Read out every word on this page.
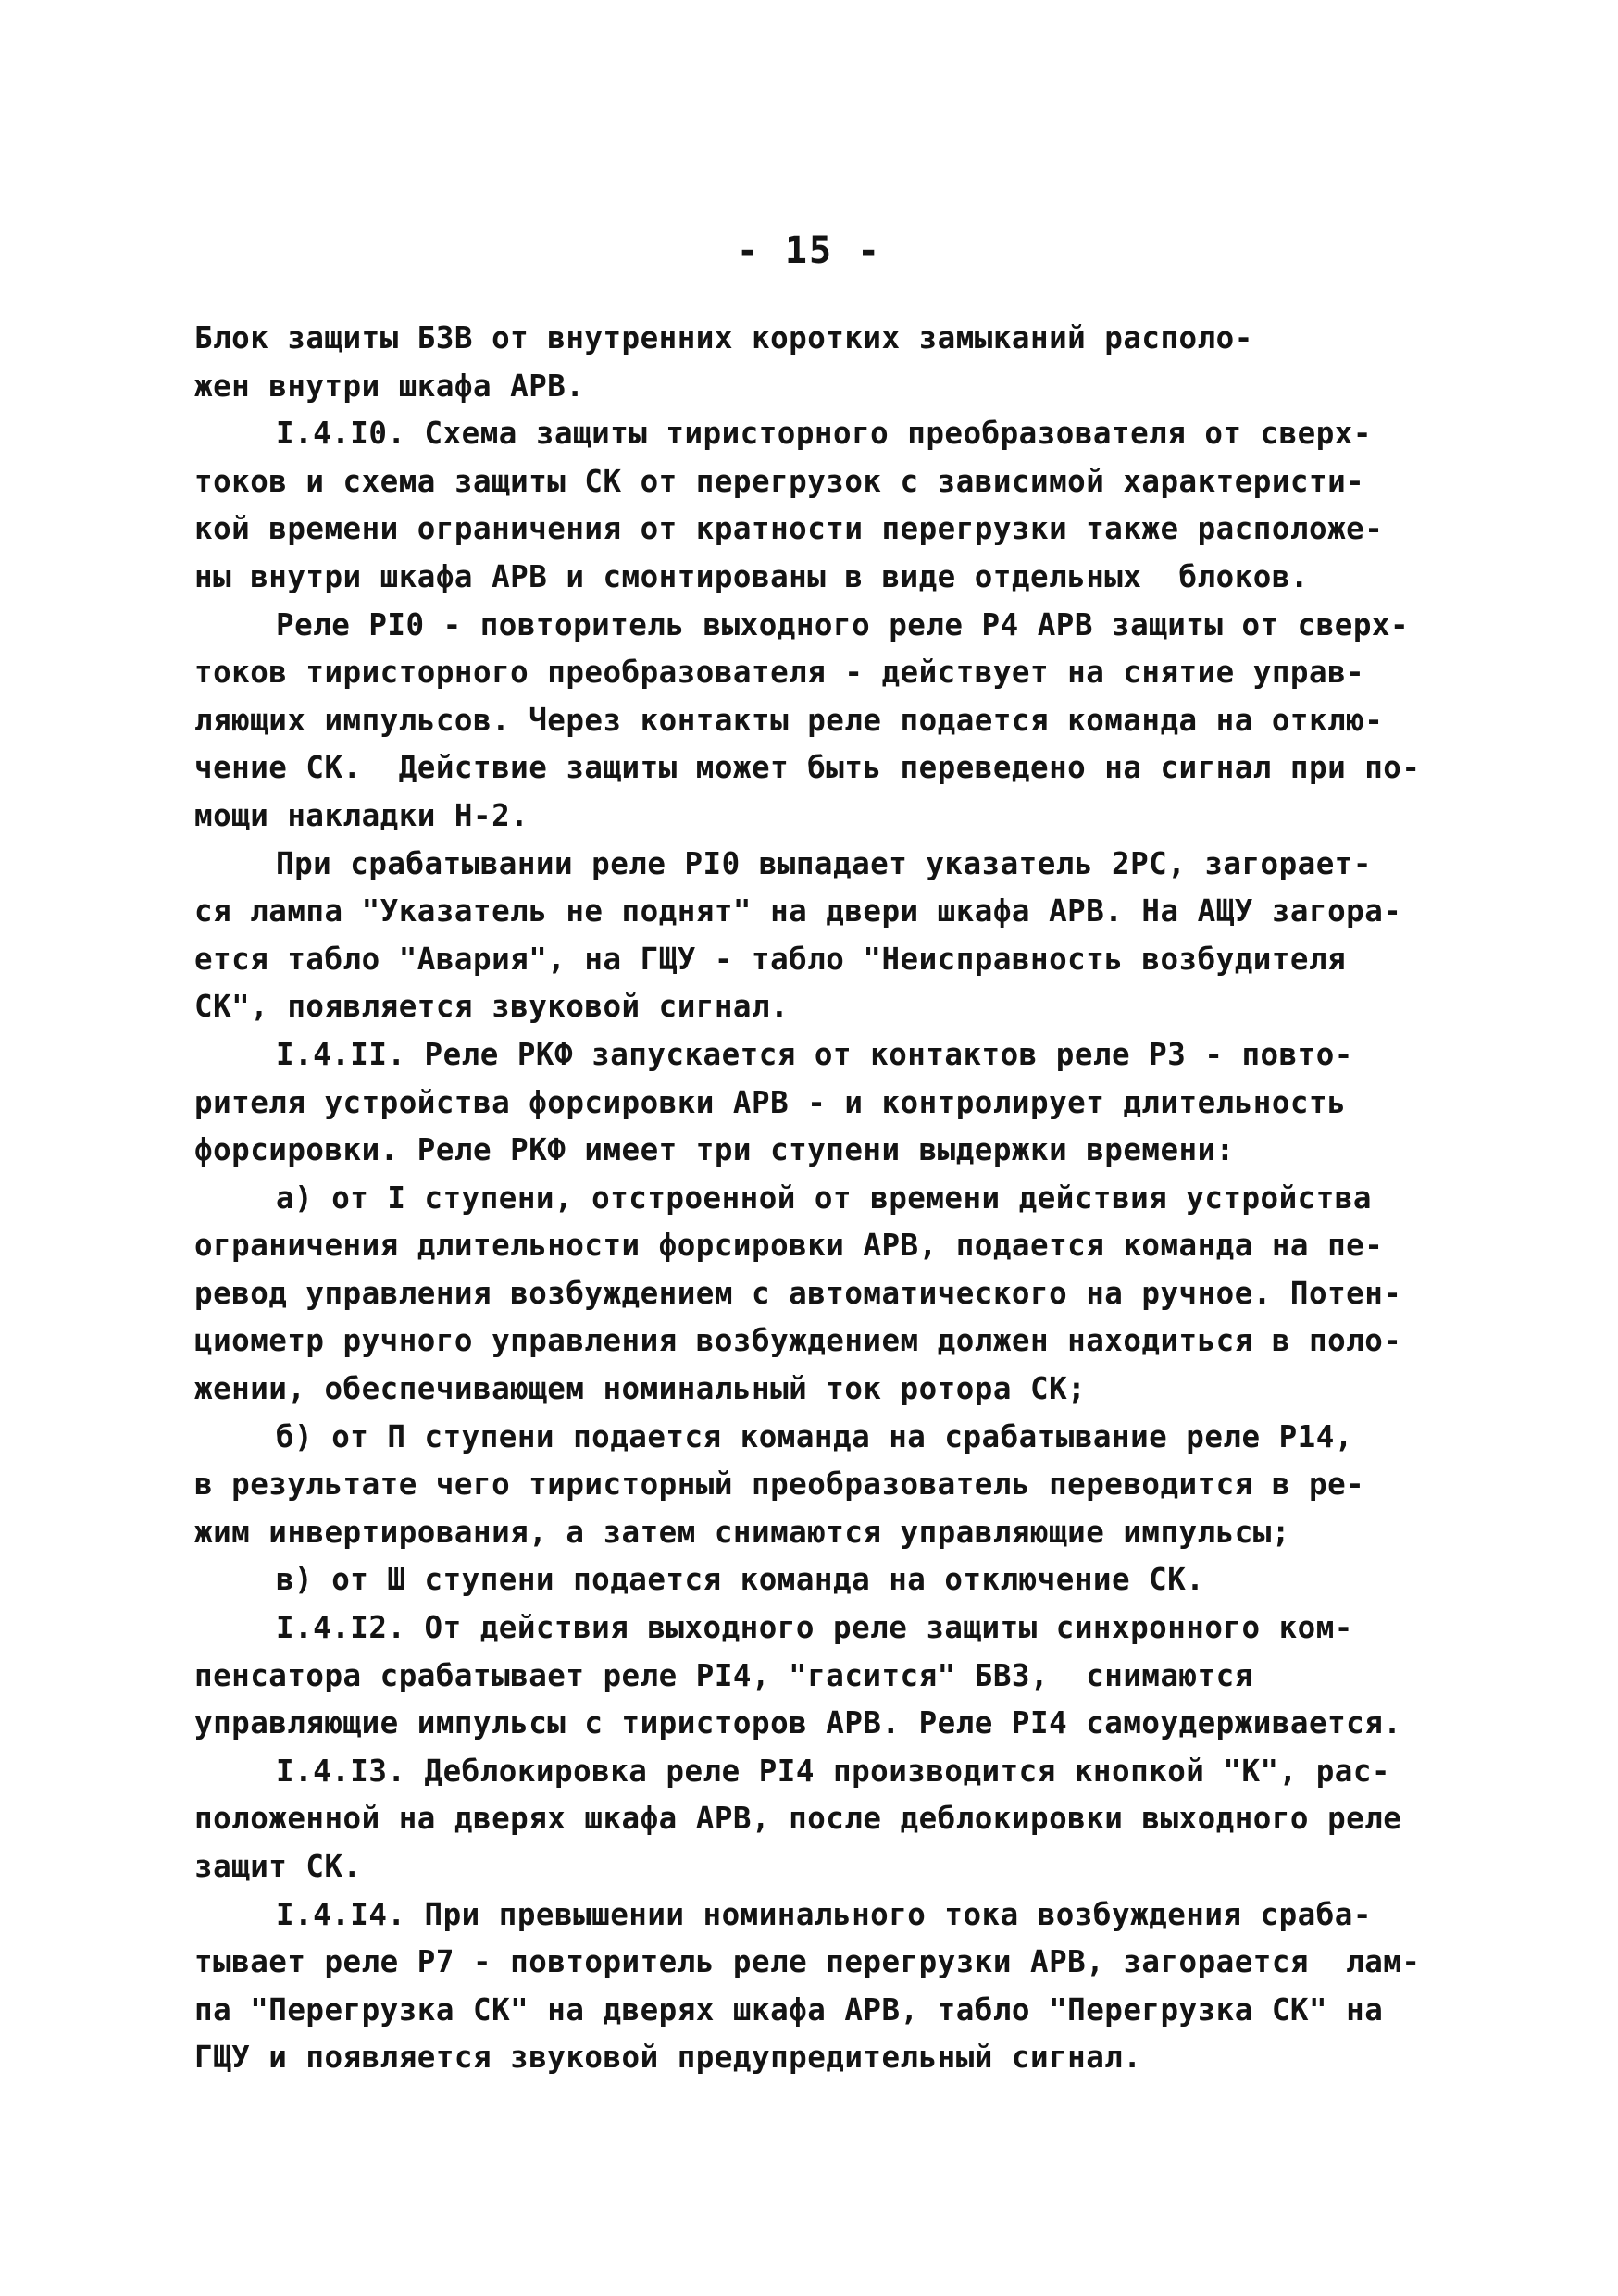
- 15 -
Блок защиты БЗВ от внутренних коротких замыканий располо-
жен внутри шкафа АРВ.
I.4.I0. Схема защиты тиристорного преобразователя от сверх-
токов и схема защиты СК от перегрузок с зависимой характеристи-
кой времени ограничения от кратности перегрузки также расположе-
ны внутри шкафа АРВ и смонтированы в виде отдельных  блоков.
Реле PI0 - повторитель выходного реле Р4 АРВ защиты от сверх-
токов тиристорного преобразователя - действует на снятие управ-
ляющих импульсов. Через контакты реле подается команда на отклю-
чение СК.  Действие защиты может быть переведено на сигнал при по-
мощи накладки Н-2.
При срабатывании реле PI0 выпадает указатель 2РС, загорает-
ся лампа "Указатель не поднят" на двери шкафа АРВ. На АЩУ загора-
ется табло "Авария", на ГЩУ - табло "Неисправность возбудителя
СК", появляется звуковой сигнал.
I.4.II. Реле РКФ запускается от контактов реле Р3 - повто-
рителя устройства форсировки АРВ - и контролирует длительность
форсировки. Реле РКФ имеет три ступени выдержки времени:
а) от I ступени, отстроенной от времени действия устройства
ограничения длительности форсировки АРВ, подается команда на пе-
ревод управления возбуждением с автоматического на ручное. Потен-
циометр ручного управления возбуждением должен находиться в поло-
жении, обеспечивающем номинальный ток ротора СК;
б) от П ступени подается команда на срабатывание реле Р14,
в результате чего тиристорный преобразователь переводится в ре-
жим инвертирования, а затем снимаются управляющие импульсы;
в) от Ш ступени подается команда на отключение СК.
I.4.I2. От действия выходного реле защиты синхронного ком-
пенсатора срабатывает реле PI4, "гасится" БВЗ,  снимаются
управляющие импульсы с тиристоров АРВ. Реле PI4 самоудерживается.
I.4.I3. Деблокировка реле PI4 производится кнопкой "К", рас-
положенной на дверях шкафа АРВ, после деблокировки выходного реле
защит СК.
I.4.I4. При превышении номинального тока возбуждения сраба-
тывает реле Р7 - повторитель реле перегрузки АРВ, загорается  лам-
па "Перегрузка СК" на дверях шкафа АРВ, табло "Перегрузка СК" на
ГЩУ и появляется звуковой предупредительный сигнал.
